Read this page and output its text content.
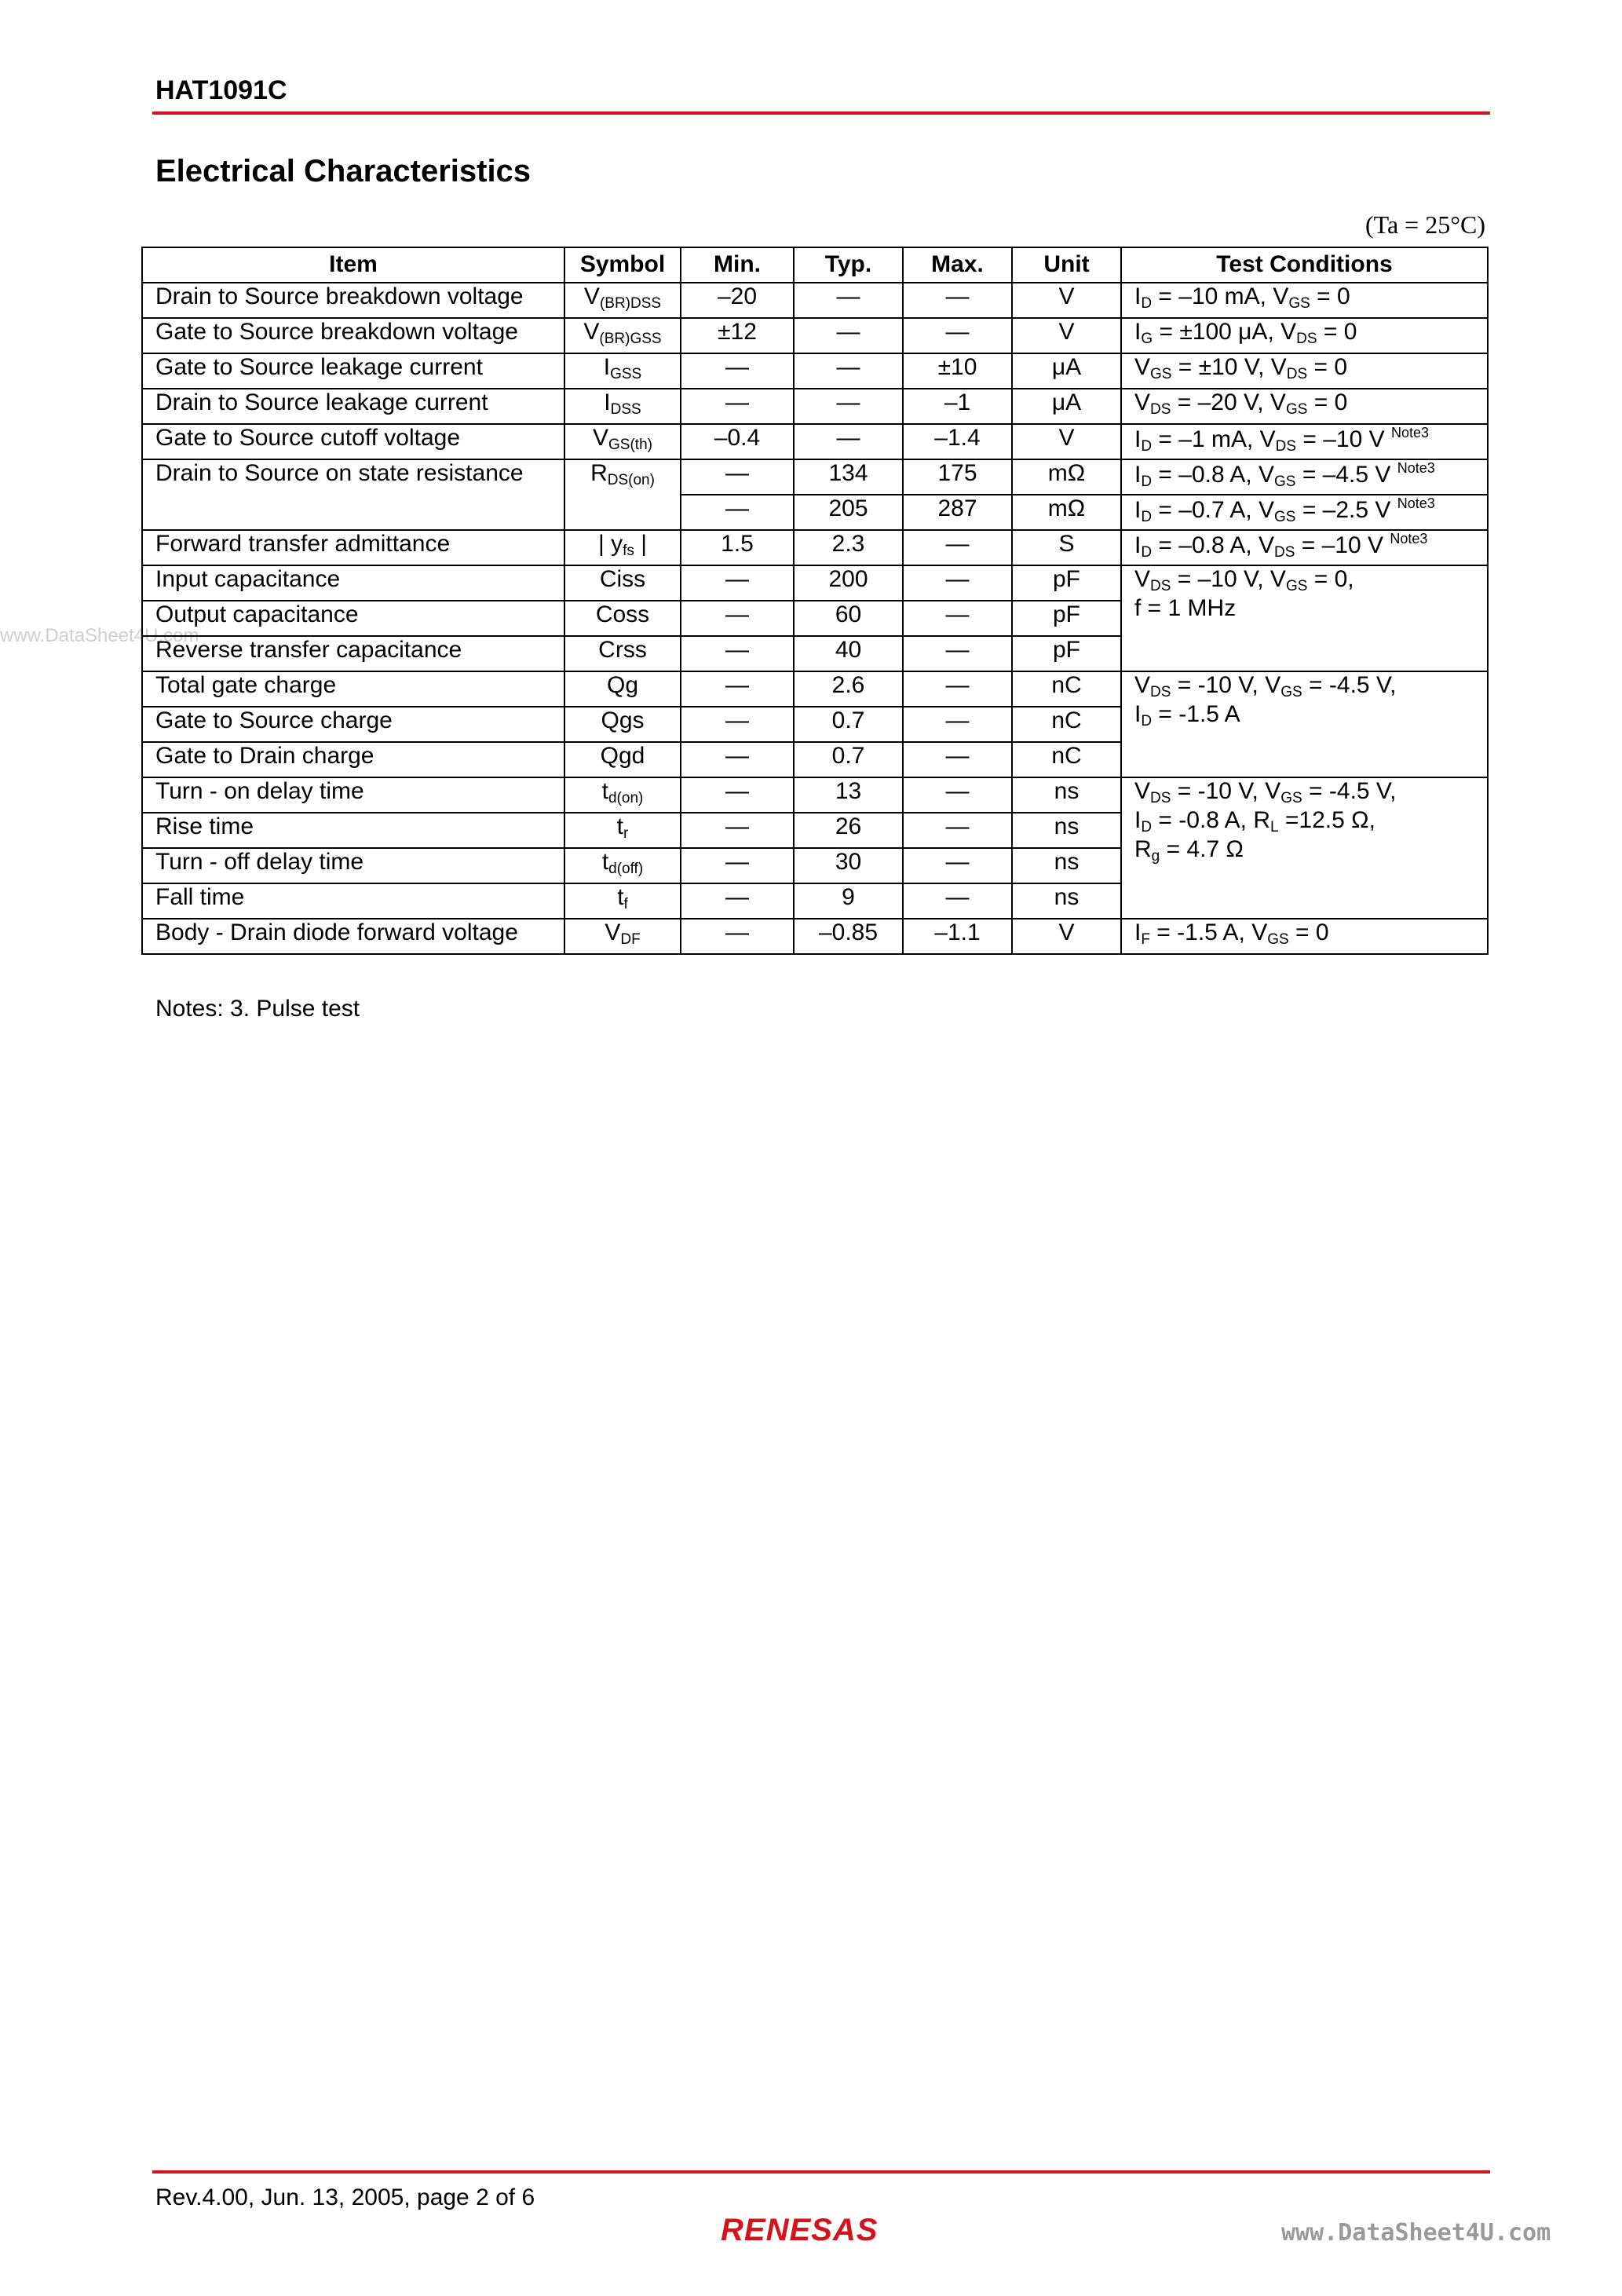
HAT1091C
Electrical Characteristics
(Ta = 25°C)
www.DataSheet4U.com
Item	Symbol	Min.	Typ.	Max.	Unit	Test Conditions
Drain to Source breakdown voltage	$V_{(BR)DSS}$	–20	—	—	V	$I_D = -10$ mA, $V_{GS} = 0$
Gate to Source breakdown voltage	$V_{(BR)GSS}$	±12	—	—	V	$I_G = \pm 100$ μA, $V_{DS} = 0$
Gate to Source leakage current	$I_{GSS}$	—	—	±10	μA	$V_{GS} = \pm 10$ V, $V_{DS} = 0$
Drain to Source leakage current	$I_{DSS}$	—	—	–1	μA	$V_{DS} = -20$ V, $V_{GS} = 0$
Gate to Source cutoff voltage	$V_{GS(th)}$	–0.4	—	–1.4	V	$I_D = -1$ mA, $V_{DS} = -10$ V $^{Note3}$
Drain to Source on state resistance	$R_{DS(on)}$	—	134	175	mΩ	$I_D = -0.8$ A, $V_{GS} = -4.5$ V $^{Note3}$
		—	205	287	mΩ	$I_D = -0.7$ A, $V_{GS} = -2.5$ V $^{Note3}$
Forward transfer admittance	| $y_{fs}$ |	1.5	2.3	—	S	$I_D = -0.8$ A, $V_{DS} = -10$ V $^{Note3}$
Input capacitance	Ciss	—	200	—	pF	$V_{DS} = -10$ V, $V_{GS} = 0$,
f = 1 MHz
Output capacitance	Coss	—	60	—	pF	
Reverse transfer capacitance	Crss	—	40	—	pF	
Total gate charge	Qg	—	2.6	—	nC	$V_{DS} = -10$ V, $V_{GS} = -4.5$ V,
$I_D = -1.5$ A
Gate to Source charge	Qgs	—	0.7	—	nC	
Gate to Drain charge	Qgd	—	0.7	—	nC	
Turn - on delay time	$t_{d(on)}$	—	13	—	ns	$V_{DS} = -10$ V, $V_{GS} = -4.5$ V,
$I_D = -0.8$ A, $R_L =12.5$ Ω,
$R_g = 4.7$ Ω
Rise time	$t_r$	—	26	—	ns	
Turn - off delay time	$t_{d(off)}$	—	30	—	ns	
Fall time	$t_f$	—	9	—	ns	
Body - Drain diode forward voltage	$V_{DF}$	—	–0.85	–1.1	V	$I_F = -1.5$ A, $V_{GS} = 0$
Notes: 3. Pulse test
Rev.4.00, Jun. 13, 2005, page 2 of 6
RENESAS	www.DataSheet4U.com
